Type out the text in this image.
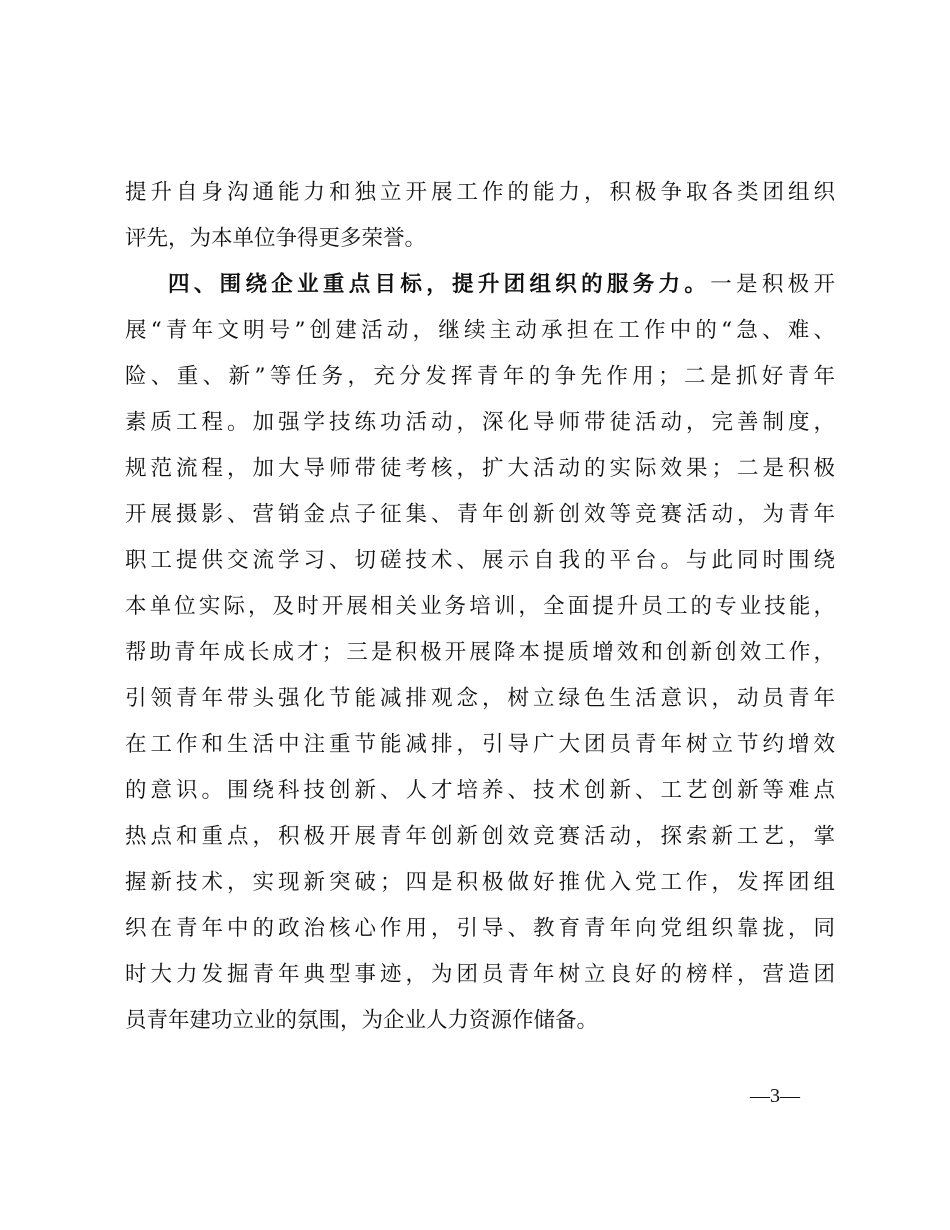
提升自身沟通能力和独立开展工作的能力，积极争取各类团组织
评先，为本单位争得更多荣誉。
四、围绕企业重点目标，提升团组织的服务力。一是积极开
展“青年文明号”创建活动，继续主动承担在工作中的“急、难、
险、重、新”等任务，充分发挥青年的争先作用；二是抓好青年
素质工程。加强学技练功活动，深化导师带徒活动，完善制度，
规范流程，加大导师带徒考核，扩大活动的实际效果；二是积极
开展摄影、营销金点子征集、青年创新创效等竞赛活动，为青年
职工提供交流学习、切磋技术、展示自我的平台。与此同时围绕
本单位实际，及时开展相关业务培训，全面提升员工的专业技能，
帮助青年成长成才；三是积极开展降本提质增效和创新创效工作，
引领青年带头强化节能减排观念，树立绿色生活意识，动员青年
在工作和生活中注重节能减排，引导广大团员青年树立节约增效
的意识。围绕科技创新、人才培养、技术创新、工艺创新等难点
热点和重点，积极开展青年创新创效竞赛活动，探索新工艺，掌
握新技术，实现新突破；四是积极做好推优入党工作，发挥团组
织在青年中的政治核心作用，引导、教育青年向党组织靠拢，同
时大力发掘青年典型事迹，为团员青年树立良好的榜样，营造团
员青年建功立业的氛围，为企业人力资源作储备。
—3—
